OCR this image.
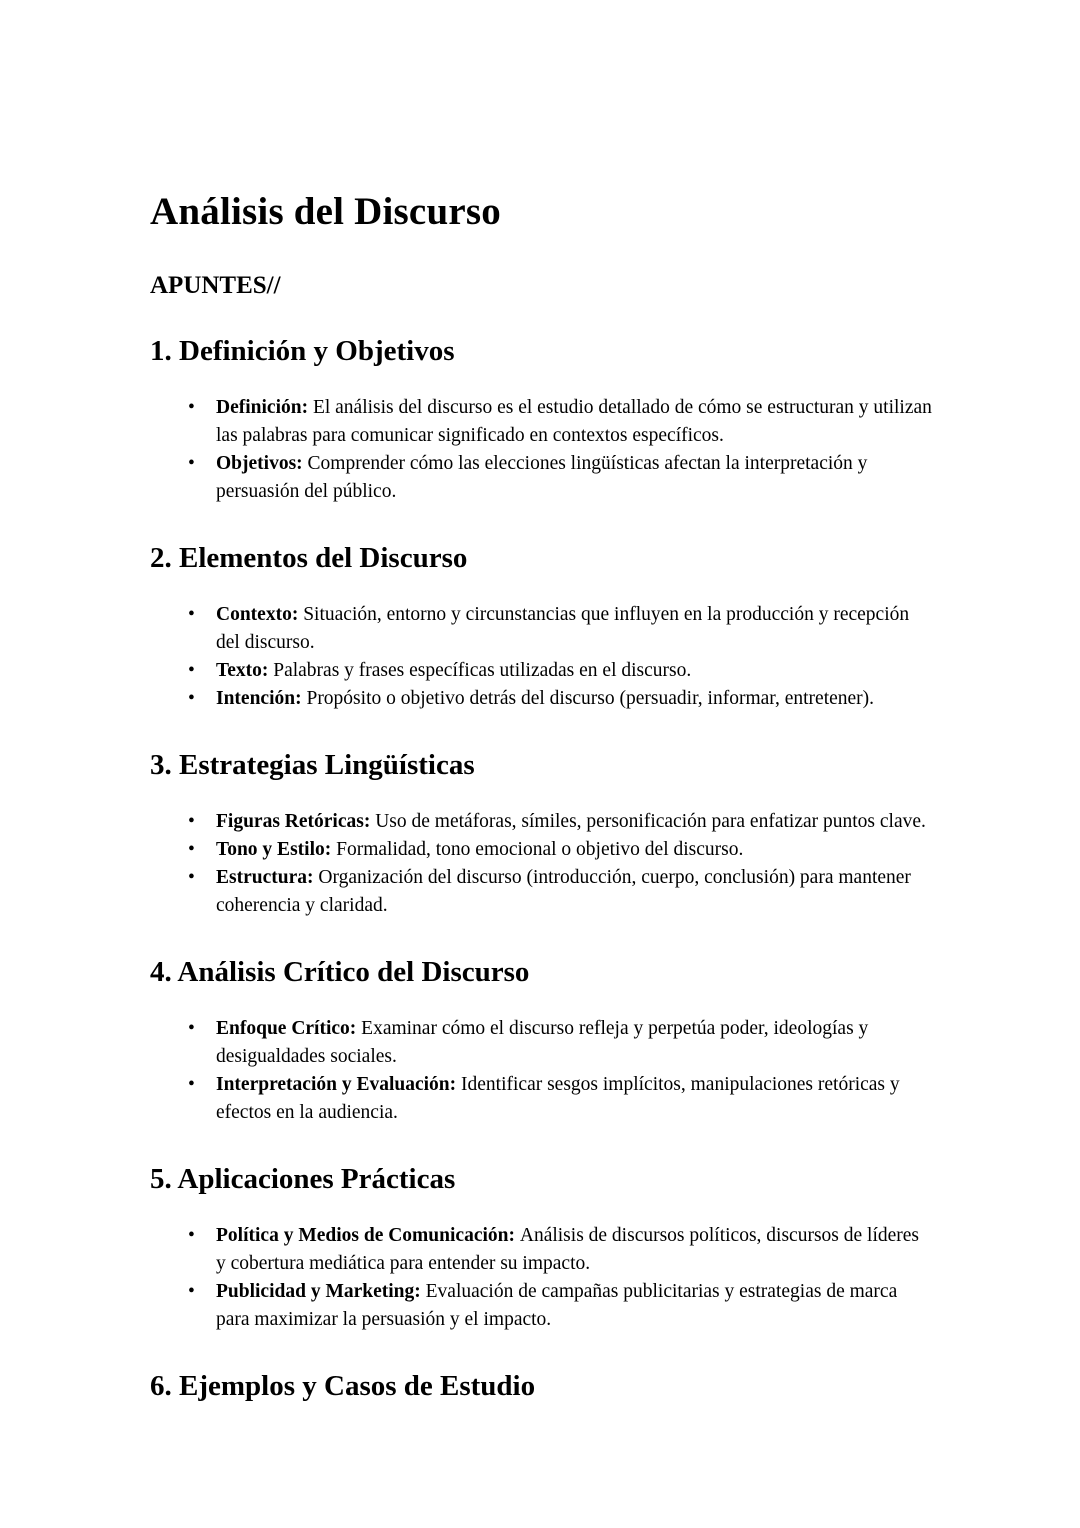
Análisis del Discurso
APUNTES//
1. Definición y Objetivos
• Definición: El análisis del discurso es el estudio detallado de cómo se estructuran y utilizan las palabras para comunicar significado en contextos específicos.
• Objetivos: Comprender cómo las elecciones lingüísticas afectan la interpretación y persuasión del público.
2. Elementos del Discurso
• Contexto: Situación, entorno y circunstancias que influyen en la producción y recepción del discurso.
• Texto: Palabras y frases específicas utilizadas en el discurso.
• Intención: Propósito o objetivo detrás del discurso (persuadir, informar, entretener).
3. Estrategias Lingüísticas
• Figuras Retóricas: Uso de metáforas, símiles, personificación para enfatizar puntos clave.
• Tono y Estilo: Formalidad, tono emocional o objetivo del discurso.
• Estructura: Organización del discurso (introducción, cuerpo, conclusión) para mantener coherencia y claridad.
4. Análisis Crítico del Discurso
• Enfoque Crítico: Examinar cómo el discurso refleja y perpetúa poder, ideologías y desigualdades sociales.
• Interpretación y Evaluación: Identificar sesgos implícitos, manipulaciones retóricas y efectos en la audiencia.
5. Aplicaciones Prácticas
• Política y Medios de Comunicación: Análisis de discursos políticos, discursos de líderes y cobertura mediática para entender su impacto.
• Publicidad y Marketing: Evaluación de campañas publicitarias y estrategias de marca para maximizar la persuasión y el impacto.
6. Ejemplos y Casos de Estudio
